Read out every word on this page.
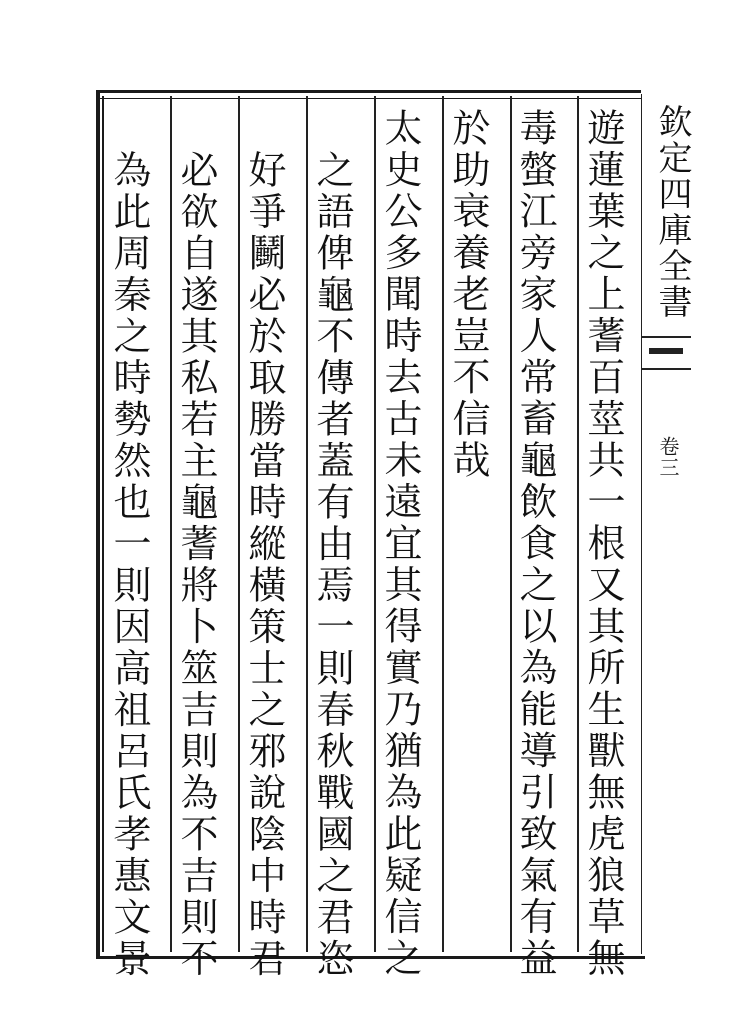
遊蓮葉之上蓍百莖共一根又其所生獸無虎狼草無
毒螫江旁家人常畜龜飲食之以為能導引致氣有益
於助衰養老豈不信哉
太史公多聞時去古未遠宜其得實乃猶為此疑信之
之語俾龜不傳者蓋有由焉一則春秋戰國之君恣
好爭鬭必於取勝當時縱橫策士之邪說陰中時君
必欲自遂其私若主龜蓍將卜筮吉則為不吉則不
為此周秦之時勢然也一則因高祖呂氏孝惠文景	欽定四庫全書
卷三
